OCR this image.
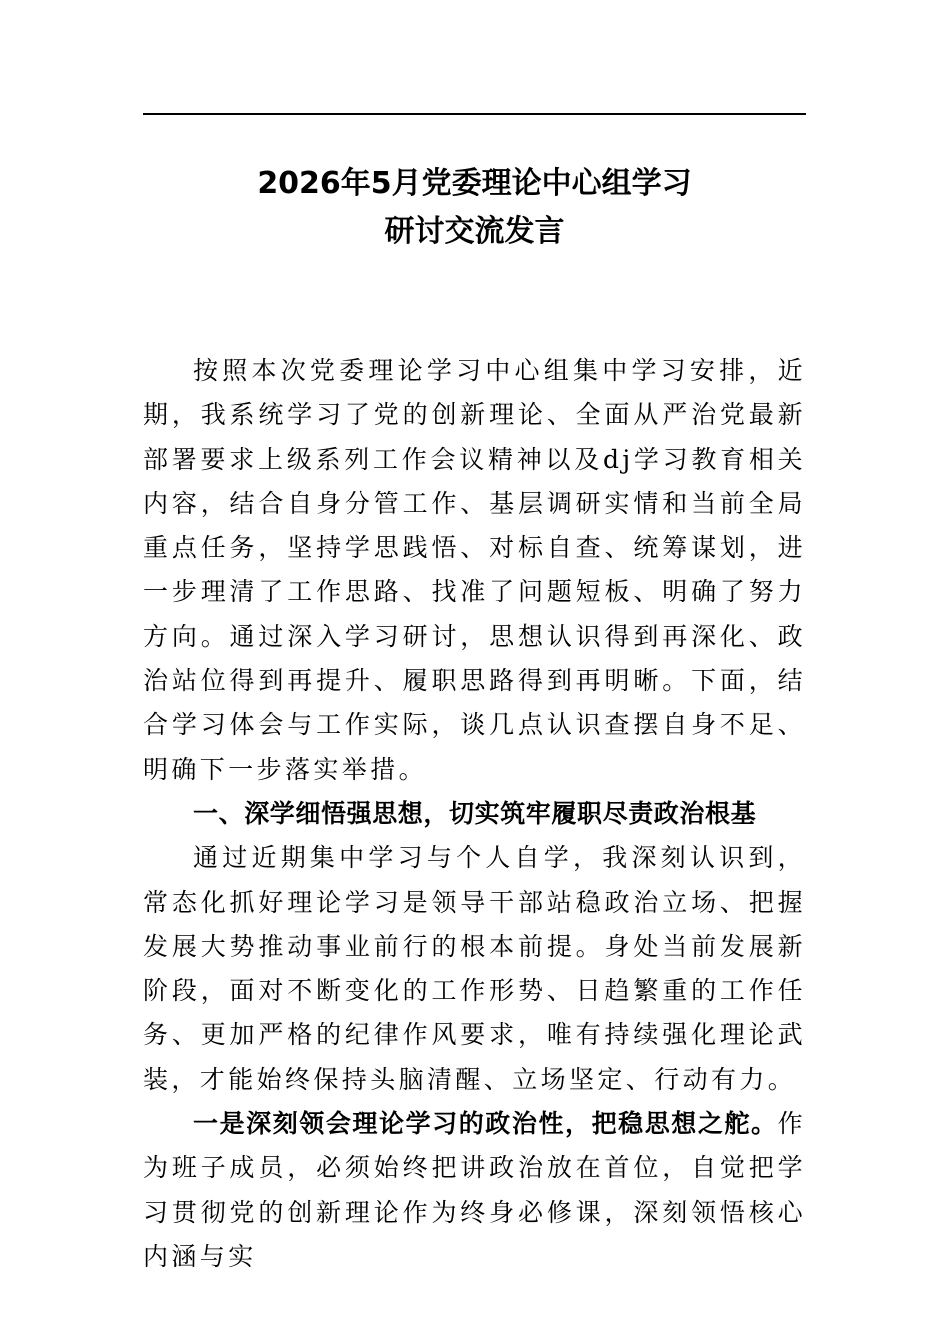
2026年5月党委理论中心组学习
研讨交流发言

按照本次党委理论学习中心组集中学习安排，近期，我系统学习了党的创新理论、全面从严治党最新部署要求上级系列工作会议精神以及dj学习教育相关内容，结合自身分管工作、基层调研实情和当前全局重点任务，坚持学思践悟、对标自查、统筹谋划，进一步理清了工作思路、找准了问题短板、明确了努力方向。通过深入学习研讨，思想认识得到再深化、政治站位得到再提升、履职思路得到再明晰。下面，结合学习体会与工作实际，谈几点认识查摆自身不足、明确下一步落实举措。

一、深学细悟强思想，切实筑牢履职尽责政治根基

通过近期集中学习与个人自学，我深刻认识到，常态化抓好理论学习是领导干部站稳政治立场、把握发展大势推动事业前行的根本前提。身处当前发展新阶段，面对不断变化的工作形势、日趋繁重的工作任务、更加严格的纪律作风要求，唯有持续强化理论武装，才能始终保持头脑清醒、立场坚定、行动有力。

一是深刻领会理论学习的政治性，把稳思想之舵。作为班子成员，必须始终把讲政治放在首位，自觉把学习贯彻党的创新理论作为终身必修课，深刻领悟核心内涵与实
